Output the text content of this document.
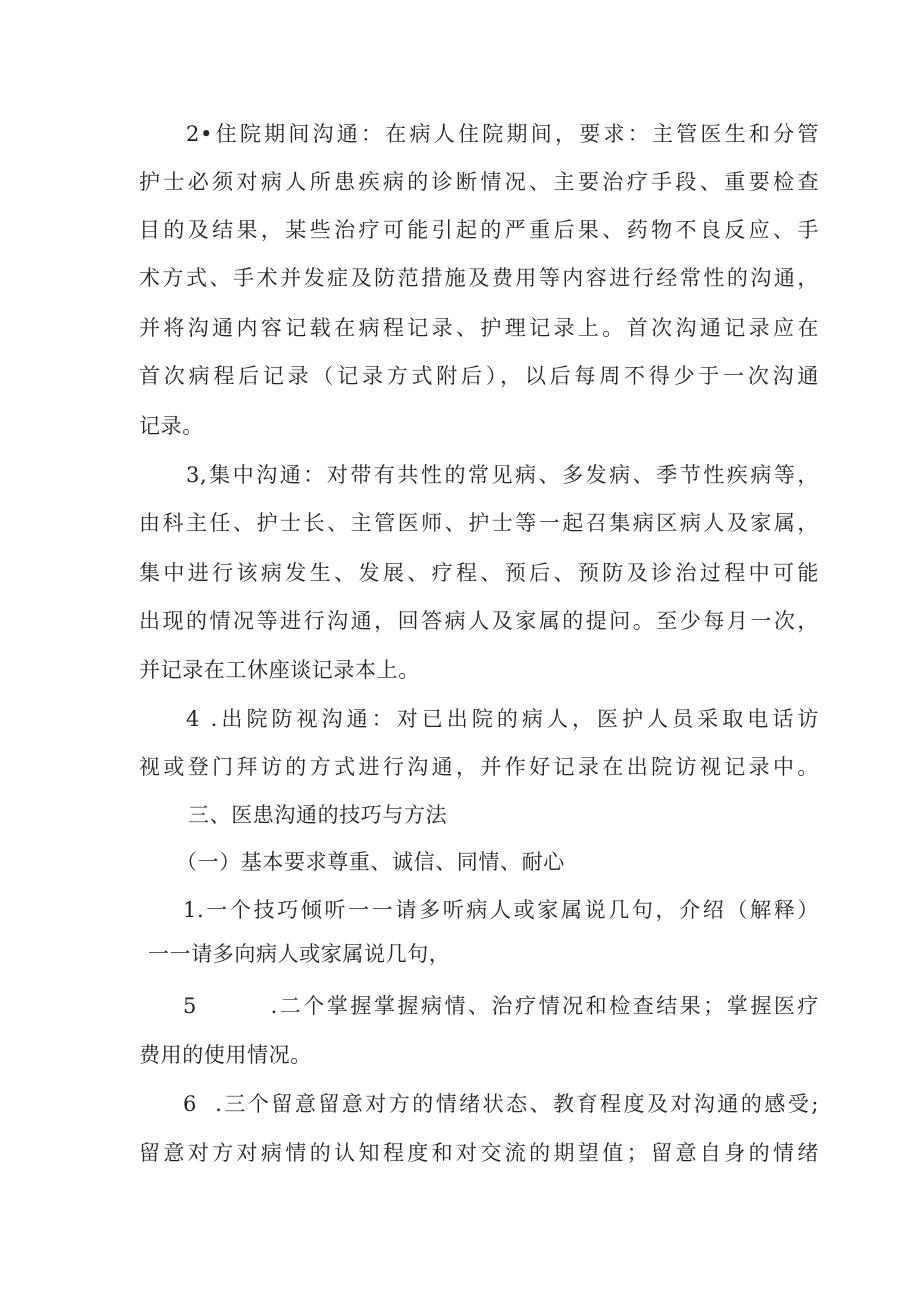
2•住院期间沟通：在病人住院期间，要求：主管医生和分管
护士必须对病人所患疾病的诊断情况、主要治疗手段、重要检查
目的及结果，某些治疗可能引起的严重后果、药物不良反应、手
术方式、手术并发症及防范措施及费用等内容进行经常性的沟通，
并将沟通内容记载在病程记录、护理记录上。首次沟通记录应在
首次病程后记录（记录方式附后），以后每周不得少于一次沟通
记录。
3,集中沟通：对带有共性的常见病、多发病、季节性疾病等，
由科主任、护士长、主管医师、护士等一起召集病区病人及家属，
集中进行该病发生、发展、疗程、预后、预防及诊治过程中可能
出现的情况等进行沟通，回答病人及家属的提问。至少每月一次，
并记录在工休座谈记录本上。
4 .出院防视沟通：对已出院的病人，医护人员采取电话访
视或登门拜访的方式进行沟通，并作好记录在出院访视记录中。
三、医患沟通的技巧与方法
（一）基本要求尊重、诚信、同情、耐心
1.一个技巧倾听一一请多听病人或家属说几句，介绍（解释）
一一请多向病人或家属说几句，
5        .二个掌握掌握病情、治疗情况和检查结果；掌握医疗
费用的使用情况。
6  .三个留意留意对方的情绪状态、教育程度及对沟通的感受;
留意对方对病情的认知程度和对交流的期望值；留意自身的情绪
